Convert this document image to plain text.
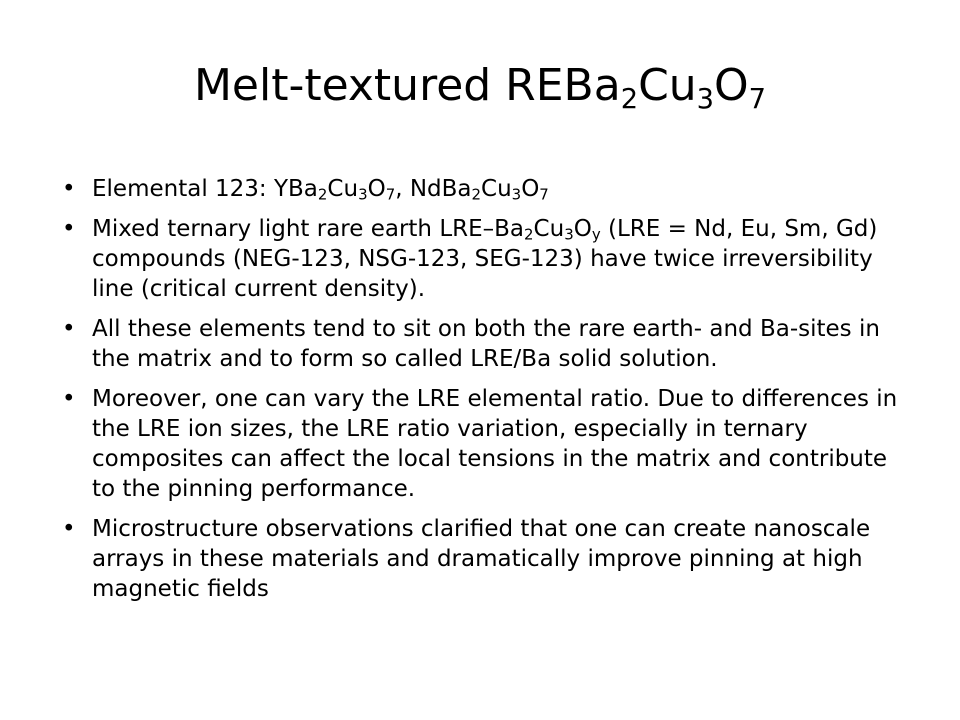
Melt-textured $REBa_2Cu_3O_7$
• Elemental 123: $YBa_2Cu_3O_7$, $NdBa_2Cu_3O_7$
• Mixed ternary light rare earth LRE–$Ba_2Cu_3O_y$ (LRE = Nd, Eu, Sm, Gd) compounds (NEG-123, NSG-123, SEG-123) have twice irreversibility line (critical current density).
• All these elements tend to sit on both the rare earth- and Ba-sites in the matrix and to form so called LRE/Ba solid solution.
• Moreover, one can vary the LRE elemental ratio. Due to differences in the LRE ion sizes, the LRE ratio variation, especially in ternary composites can affect the local tensions in the matrix and contribute to the pinning performance.
• Microstructure observations clarified that one can create nanoscale arrays in these materials and dramatically improve pinning at high magnetic fields
